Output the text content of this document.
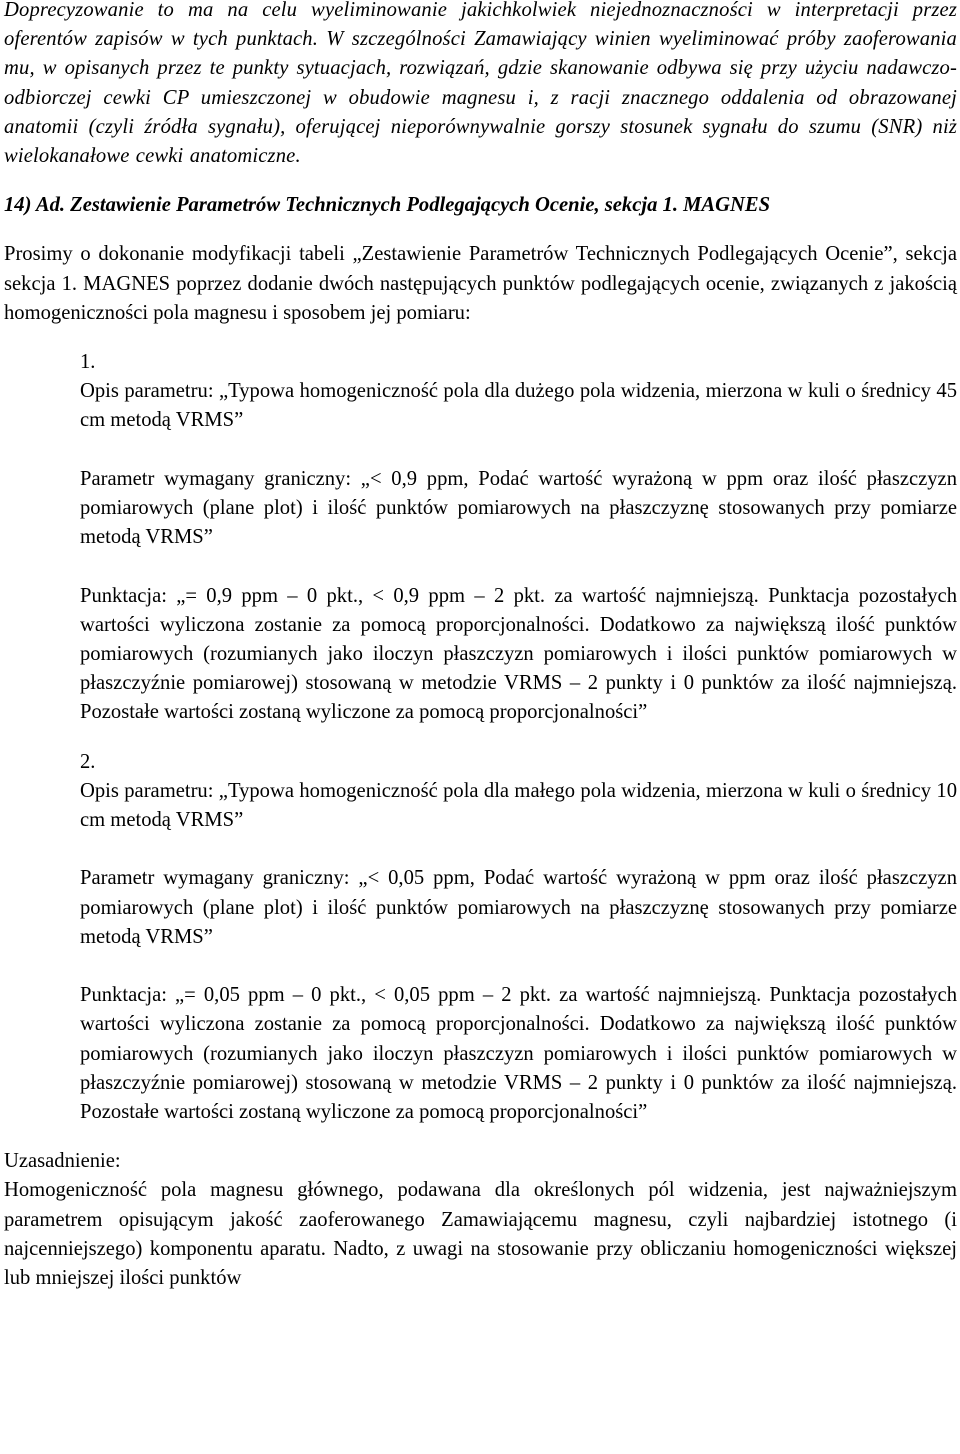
Doprecyzowanie to ma na celu wyeliminowanie jakichkolwiek niejednoznaczności w interpretacji przez oferentów zapisów w tych punktach. W szczególności Zamawiający winien wyeliminować próby zaoferowania mu, w opisanych przez te punkty sytuacjach, rozwiązań, gdzie skanowanie odbywa się przy użyciu nadawczo-odbiorczej cewki CP umieszczonej w obudowie magnesu i, z racji znacznego oddalenia od obrazowanej anatomii (czyli źródła sygnału), oferującej nieporównywalnie gorszy stosunek sygnału do szumu (SNR) niż wielokanałowe cewki anatomiczne.

14) Ad. Zestawienie Parametrów Technicznych Podlegających Ocenie, sekcja 1. MAGNES

Prosimy o dokonanie modyfikacji tabeli „Zestawienie Parametrów Technicznych Podlegających Ocenie”, sekcja sekcja 1. MAGNES poprzez dodanie dwóch następujących punktów podlegających ocenie, związanych z jakością homogeniczności pola magnesu i sposobem jej pomiaru:

1.

Opis parametru: „Typowa homogeniczność pola dla dużego pola widzenia, mierzona w kuli o średnicy 45 cm metodą VRMS”

Parametr wymagany graniczny: „< 0,9 ppm, Podać wartość wyrażoną w ppm oraz ilość płaszczyzn pomiarowych (plane plot) i ilość punktów pomiarowych na płaszczyznę stosowanych przy pomiarze metodą VRMS”

Punktacja: „= 0,9 ppm – 0 pkt., < 0,9 ppm – 2 pkt. za wartość najmniejszą. Punktacja pozostałych wartości wyliczona zostanie za pomocą proporcjonalności. Dodatkowo za największą ilość punktów pomiarowych (rozumianych jako iloczyn płaszczyzn pomiarowych i ilości punktów pomiarowych w płaszczyźnie pomiarowej) stosowaną w metodzie VRMS – 2 punkty i 0 punktów za ilość najmniejszą. Pozostałe wartości zostaną wyliczone za pomocą proporcjonalności”

2.

Opis parametru: „Typowa homogeniczność pola dla małego pola widzenia, mierzona w kuli o średnicy 10 cm metodą VRMS”

Parametr wymagany graniczny: „< 0,05 ppm, Podać wartość wyrażoną w ppm oraz ilość płaszczyzn pomiarowych (plane plot) i ilość punktów pomiarowych na płaszczyznę stosowanych przy pomiarze metodą VRMS”

Punktacja: „= 0,05 ppm – 0 pkt., < 0,05 ppm – 2 pkt. za wartość najmniejszą. Punktacja pozostałych wartości wyliczona zostanie za pomocą proporcjonalności. Dodatkowo za największą ilość punktów pomiarowych (rozumianych jako iloczyn płaszczyzn pomiarowych i ilości punktów pomiarowych w płaszczyźnie pomiarowej) stosowaną w metodzie VRMS – 2 punkty i 0 punktów za ilość najmniejszą. Pozostałe wartości zostaną wyliczone za pomocą proporcjonalności”

Uzasadnienie:

Homogeniczność pola magnesu głównego, podawana dla określonych pól widzenia, jest najważniejszym parametrem opisującym jakość zaoferowanego Zamawiającemu magnesu, czyli najbardziej istotnego (i najcenniejszego) komponentu aparatu. Nadto, z uwagi na stosowanie przy obliczaniu homogeniczności większej lub mniejszej ilości punktów
